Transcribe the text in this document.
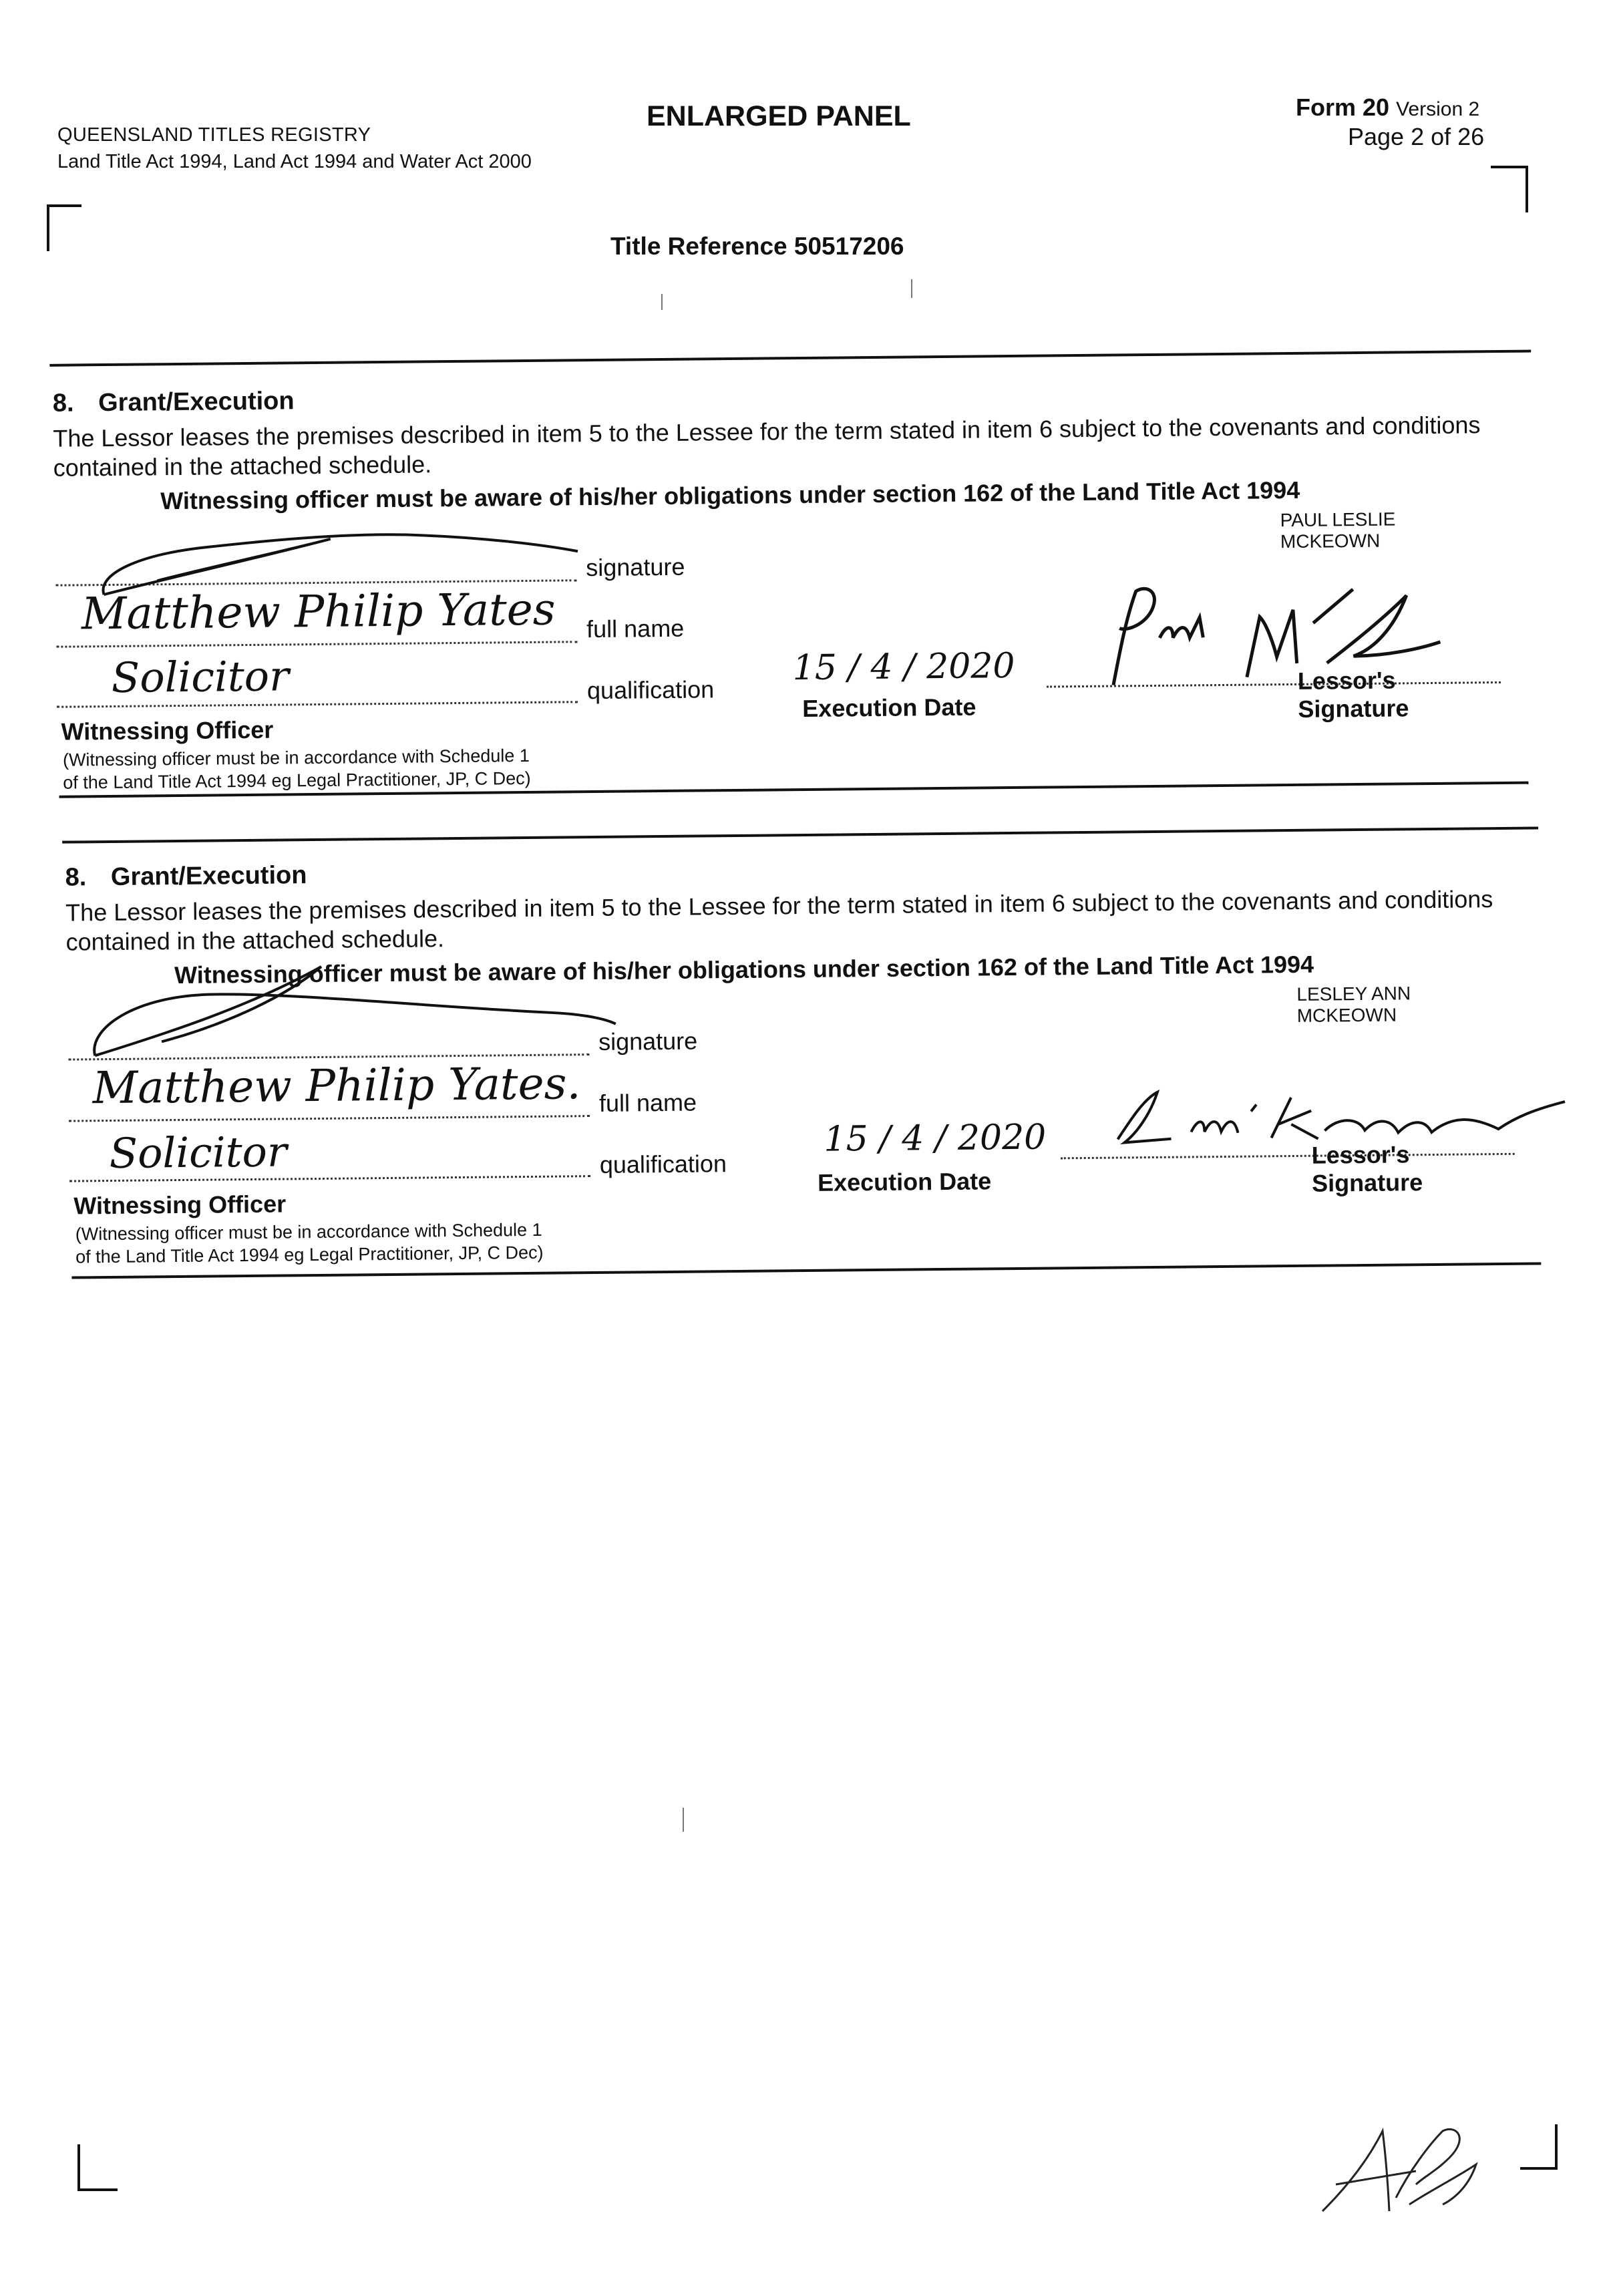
QUEENSLAND TITLES REGISTRY
Land Title Act 1994, Land Act 1994 and Water Act 2000
ENLARGED PANEL	Form 20 Version 2
Page 2 of 26
Title Reference 50517206
8. Grant/Execution
The Lessor leases the premises described in item 5 to the Lessee for the term stated in item 6 subject to the covenants and conditions contained in the attached schedule.
Witnessing officer must be aware of his/her obligations under section 162 of the Land Title Act 1994
PAUL LESLIE MCKEOWN
signature
Matthew Philip Yates full name
Solicitor	qualification
Witnessing Officer
(Witnessing officer must be in accordance with Schedule 1
of the Land Title Act 1994 eg Legal Practitioner, JP, C Dec)
15 / 4 / 2020
Execution Date
Lessor's Signature
8. Grant/Execution
The Lessor leases the premises described in item 5 to the Lessee for the term stated in item 6 subject to the covenants and conditions contained in the attached schedule.
Witnessing officer must be aware of his/her obligations under section 162 of the Land Title Act 1994
LESLEY ANN MCKEOWN
signature
Matthew Philip Yates. full name
Solicitor	qualification
Witnessing Officer
(Witnessing officer must be in accordance with Schedule 1
of the Land Title Act 1994 eg Legal Practitioner, JP, C Dec)
15 / 4 / 2020
Execution Date
Lessor's Signature
